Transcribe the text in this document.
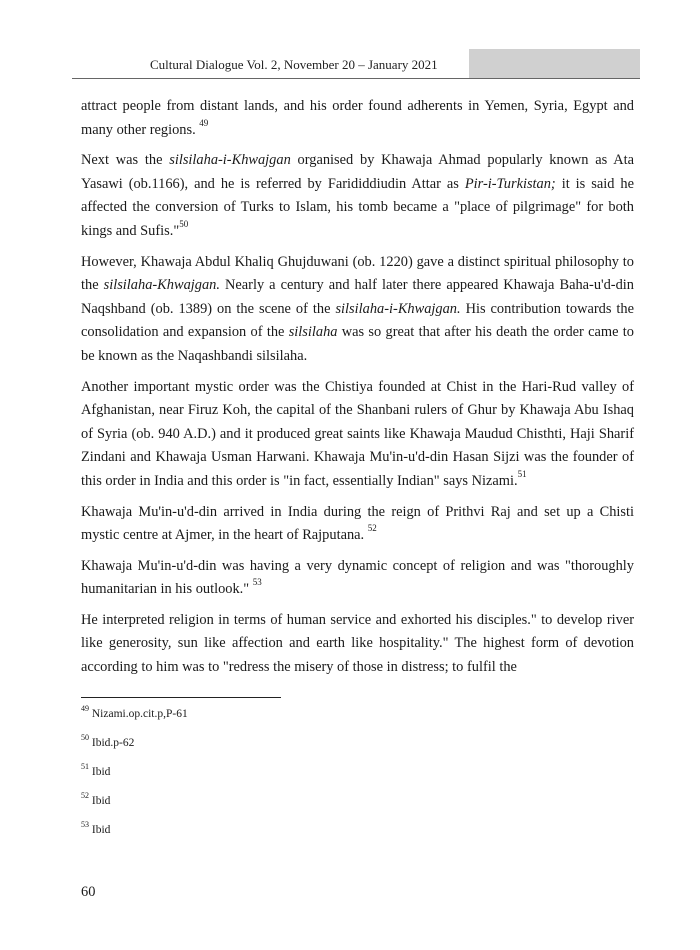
Cultural Dialogue Vol. 2, November 20 – January 2021

attract people from distant lands, and his order found adherents in Yemen, Syria, Egypt and many other regions. $^{49}$

Next was the silsilaha-i-Khwajgan organised by Khawaja Ahmad popularly known as Ata Yasawi (ob.1166), and he is referred by Farididdiudin Attar as Pir-i-Turkistan; it is said he affected the conversion of Turks to Islam, his tomb became a "place of pilgrimage" for both kings and Sufis."$^{50}$

However, Khawaja Abdul Khaliq Ghujduwani (ob. 1220) gave a distinct spiritual philosophy to the silsilaha-Khwajgan. Nearly a century and half later there appeared Khawaja Baha-u'd-din Naqshband (ob. 1389) on the scene of the silsilaha-i-Khwajgan. His contribution towards the consolidation and expansion of the silsilaha was so great that after his death the order came to be known as the Naqashbandi silsilaha.

Another important mystic order was the Chistiya founded at Chist in the Hari-Rud valley of Afghanistan, near Firuz Koh, the capital of the Shanbani rulers of Ghur by Khawaja Abu Ishaq of Syria (ob. 940 A.D.) and it produced great saints like Khawaja Maudud Chisthti, Haji Sharif Zindani and Khawaja Usman Harwani. Khawaja Mu'in-u'd-din Hasan Sijzi was the founder of this order in India and this order is "in fact, essentially Indian" says Nizami.$^{51}$

Khawaja Mu'in-u'd-din arrived in India during the reign of Prithvi Raj and set up a Chisti mystic centre at Ajmer, in the heart of Rajputana. $^{52}$

Khawaja Mu'in-u'd-din was having a very dynamic concept of religion and was "thoroughly humanitarian in his outlook." $^{53}$

He interpreted religion in terms of human service and exhorted his disciples." to develop river like generosity, sun like affection and earth like hospitality." The highest form of devotion according to him was to "redress the misery of those in distress; to fulfil the

$^{49}$ Nizami.op.cit.p,P-61
$^{50}$ Ibid.p-62
$^{51}$ Ibid
$^{52}$ Ibid
$^{53}$ Ibid
60
